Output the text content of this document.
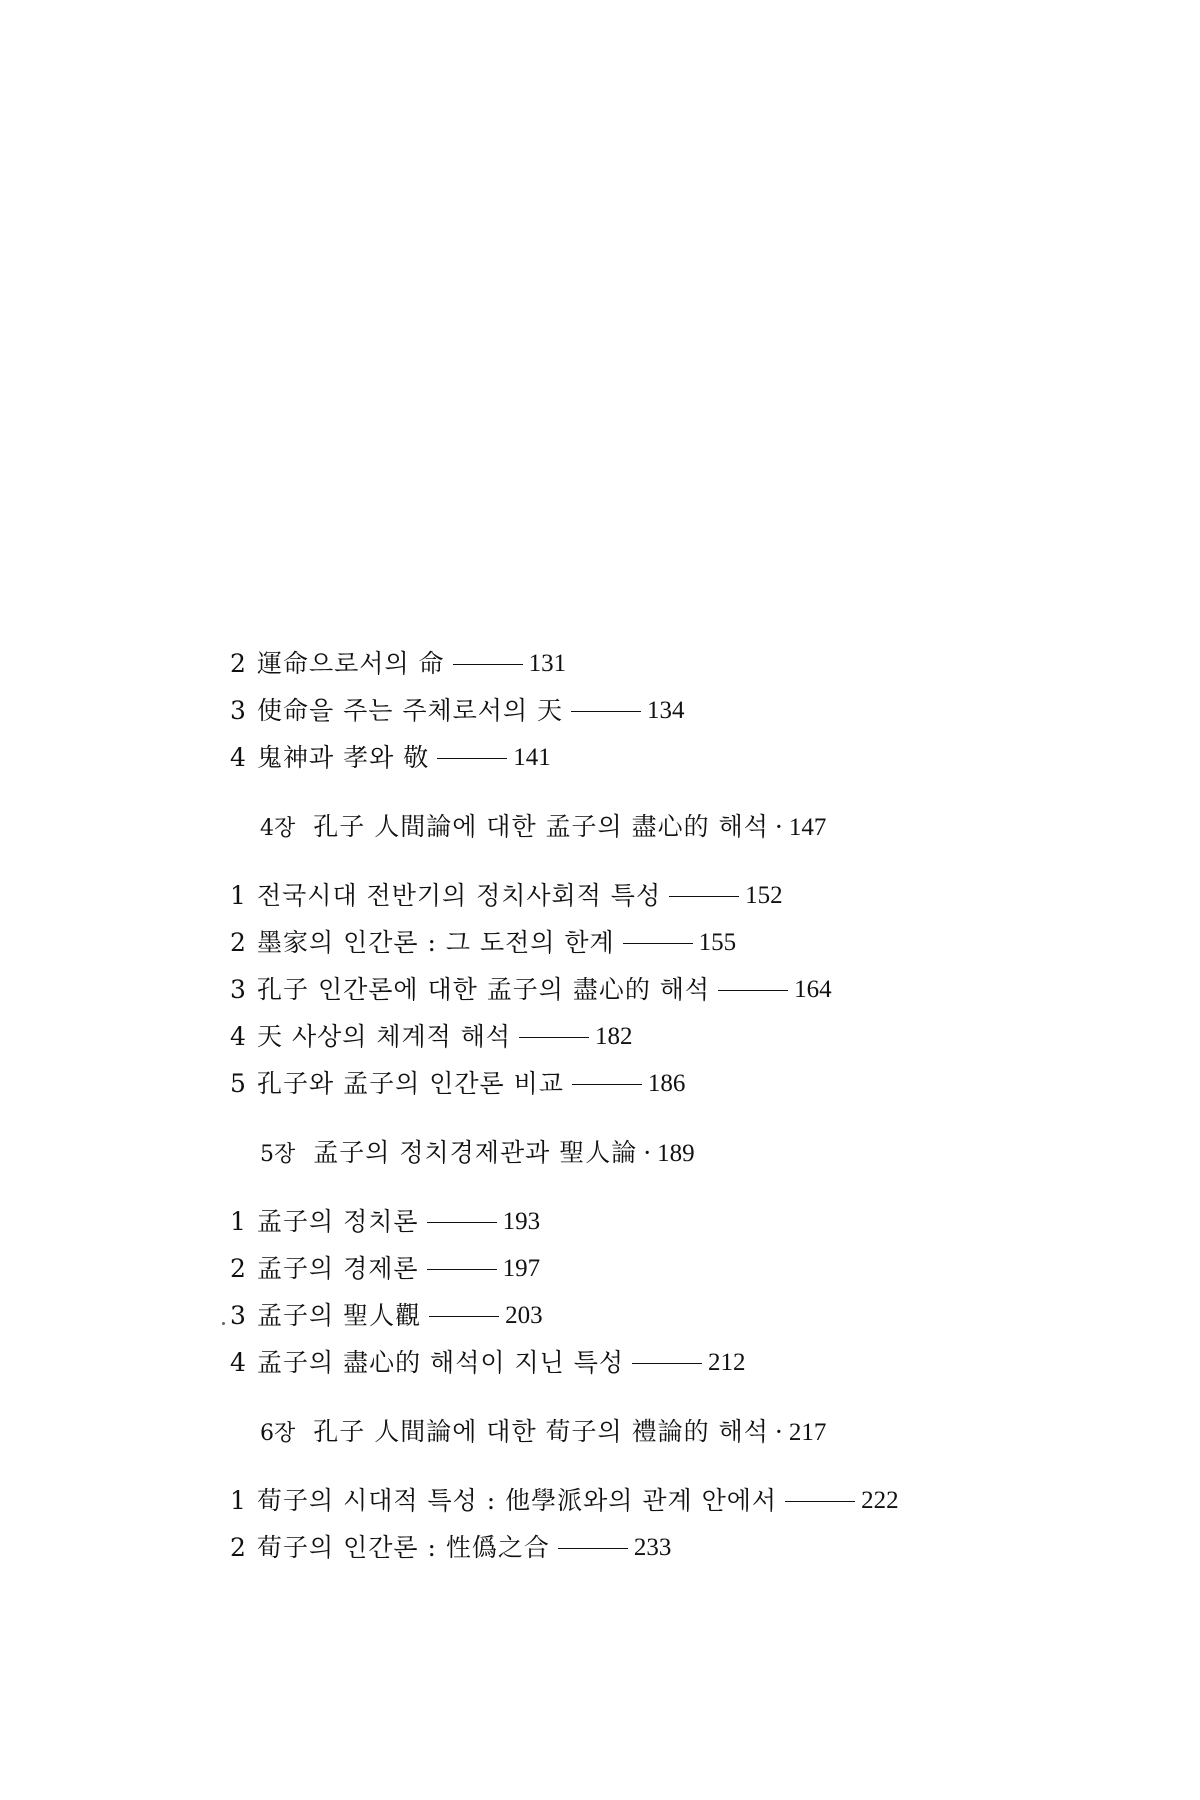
2 運命으로서의 命	131
3 使命을 주는 주체로서의 天	134
4 鬼神과 孝와 敬	141
4장 孔子 人間論에 대한 孟子의 盡心的 해석 · 147
1 전국시대 전반기의 정치사회적 특성	152
2 墨家의 인간론 : 그 도전의 한계	155
3 孔子 인간론에 대한 孟子의 盡心的 해석	164
4 天 사상의 체계적 해석	182
5 孔子와 孟子의 인간론 비교	186
5장 孟子의 정치경제관과 聖人論 · 189
1 孟子의 정치론	193
2 孟子의 경제론	197
3 孟子의 聖人觀	203
4 孟子의 盡心的 해석이 지닌 특성	212
6장 孔子 人間論에 대한 荀子의 禮論的 해석 · 217
1 荀子의 시대적 특성 : 他學派와의 관계 안에서	222
2 荀子의 인간론 : 性僞之合	233
